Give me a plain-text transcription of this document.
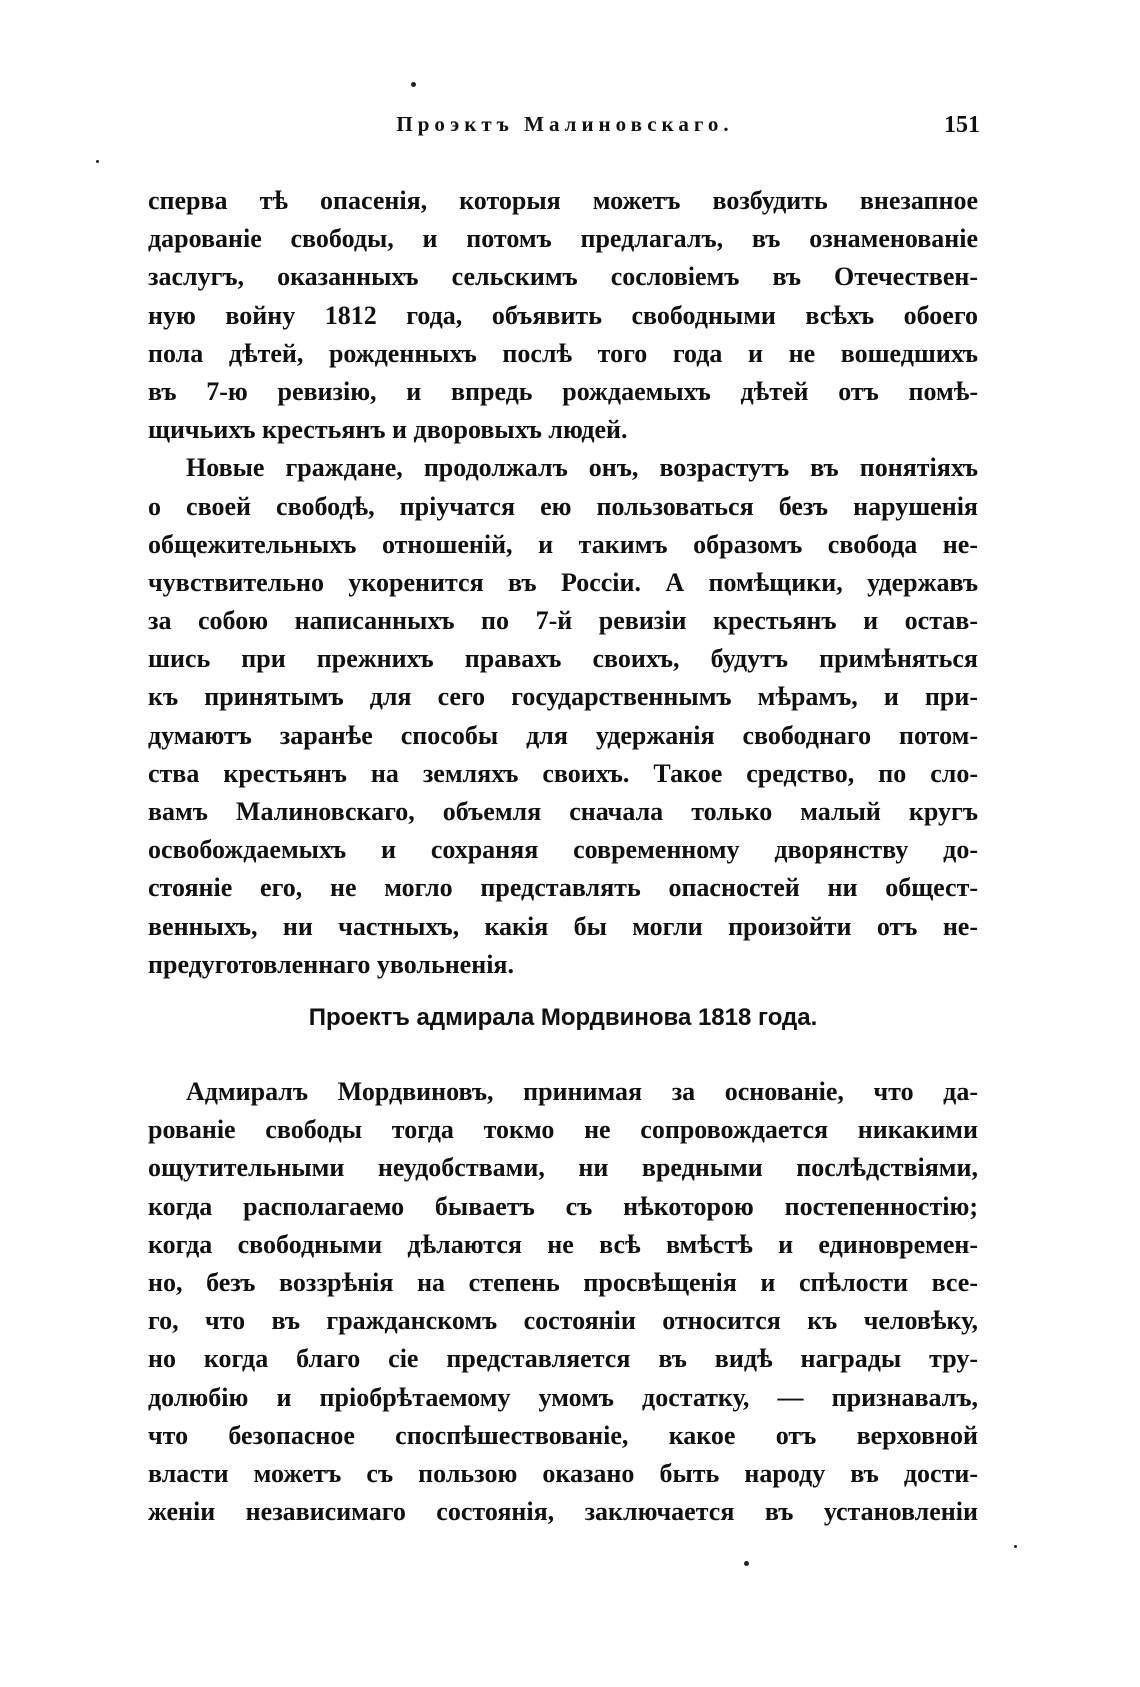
Проэктъ Малиновскаго.	151
сперва тѣ опасенія, которыя можетъ возбудить внезапное
дарованіе свободы, и потомъ предлагалъ, въ ознаменованіе
заслугъ, оказанныхъ сельскимъ сословіемъ въ Отечествен-
ную войну 1812 года, объявить свободными всѣхъ обоего
пола дѣтей, рожденныхъ послѣ того года и не вошедшихъ
въ 7-ю ревизію, и впредь рождаемыхъ дѣтей отъ помѣ-
щичьихъ крестьянъ и дворовыхъ людей.
Новые граждане, продолжалъ онъ, возрастутъ въ понятіяхъ
о своей свободѣ, пріучатся ею пользоваться безъ нарушенія
общежительныхъ отношеній, и такимъ образомъ свобода не-
чувствительно укоренится въ Россіи. А помѣщики, удержавъ
за собою написанныхъ по 7-й ревизіи крестьянъ и остав-
шись при прежнихъ правахъ своихъ, будутъ примѣняться
къ принятымъ для сего государственнымъ мѣрамъ, и при-
думаютъ заранѣе способы для удержанія свободнаго потом-
ства крестьянъ на земляхъ своихъ. Такое средство, по сло-
вамъ Малиновскаго, объемля сначала только малый кругъ
освобождаемыхъ и сохраняя современному дворянству до-
стояніе его, не могло представлять опасностей ни общест-
венныхъ, ни частныхъ, какія бы могли произойти отъ не-
предуготовленнаго увольненія.
Проектъ адмирала Мордвинова 1818 года.
Адмиралъ Мордвиновъ, принимая за основаніе, что да-
рованіе свободы тогда токмо не сопровождается никакими
ощутительными неудобствами, ни вредными послѣдствіями,
когда располагаемо бываетъ съ нѣкоторою постепенностію;
когда свободными дѣлаются не всѣ вмѣстѣ и единовремен-
но, безъ воззрѣнія на степень просвѣщенія и спѣлости все-
го, что въ гражданскомъ состояніи относится къ человѣку,
но когда благо сіе представляется въ видѣ награды тру-
долюбію и пріобрѣтаемому умомъ достатку, — признавалъ,
что безопасное споспѣшествованіе, какое отъ верховной
власти можетъ съ пользою оказано быть народу въ дости-
женіи независимаго состоянія, заключается въ установленіи
